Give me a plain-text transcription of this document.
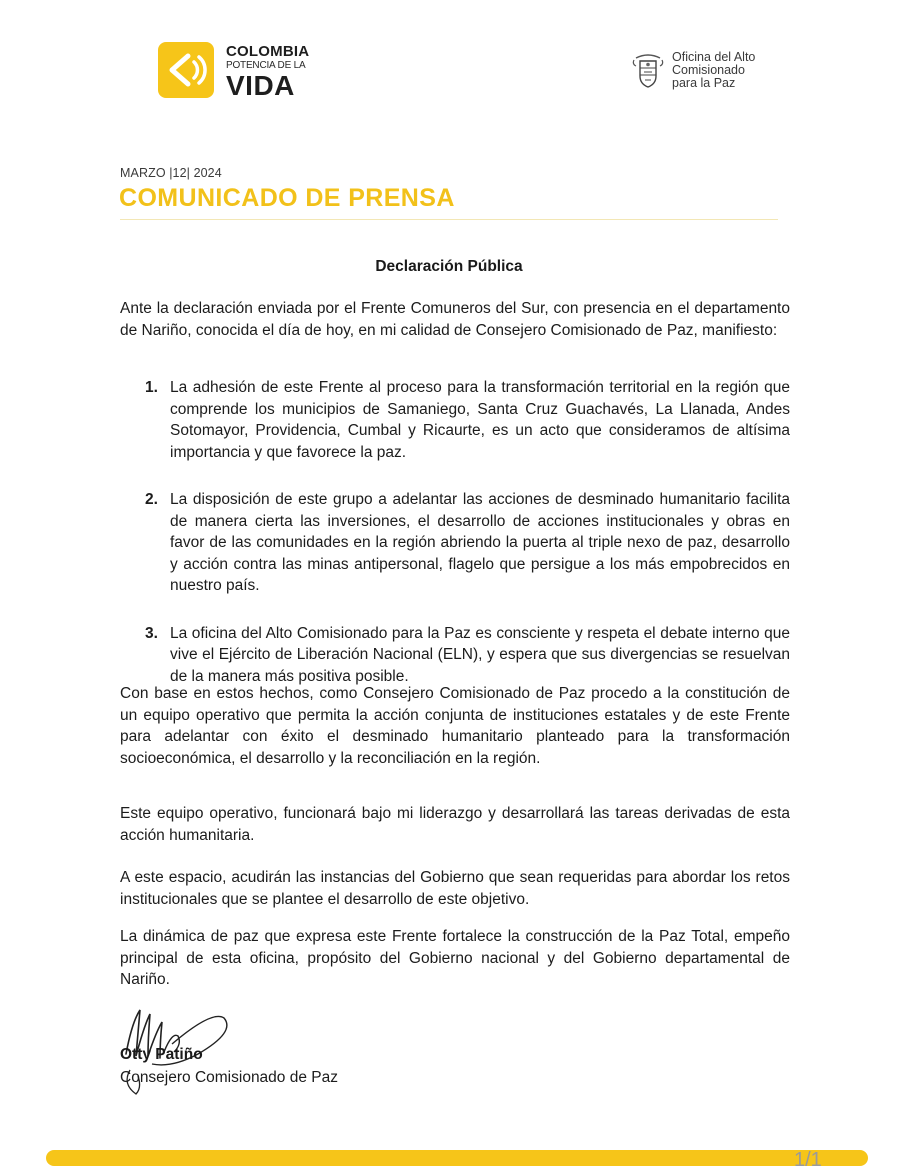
COLOMBIA
POTENCIA DE LA
VIDA
Oficina del Alto
Comisionado
para la Paz
MARZO |12| 2024
COMUNICADO DE PRENSA
Declaración Pública
Ante la declaración enviada por el Frente Comuneros del Sur, con presencia en el departamento de Nariño, conocida el día de hoy, en mi calidad de Consejero Comisionado de Paz, manifiesto:
1. La adhesión de este Frente al proceso para la transformación territorial en la región que comprende los municipios de Samaniego, Santa Cruz Guachavés, La Llanada, Andes Sotomayor, Providencia, Cumbal y Ricaurte, es un acto que consideramos de altísima importancia y que favorece la paz.
2. La disposición de este grupo a adelantar las acciones de desminado humanitario facilita de manera cierta las inversiones, el desarrollo de acciones institucionales y obras en favor de las comunidades en la región abriendo la puerta al triple nexo de paz, desarrollo y acción contra las minas antipersonal, flagelo que persigue a los más empobrecidos en nuestro país.
3. La oficina del Alto Comisionado para la Paz es consciente y respeta el debate interno que vive el Ejército de Liberación Nacional (ELN), y espera que sus divergencias se resuelvan de la manera más positiva posible.
Con base en estos hechos, como Consejero Comisionado de Paz procedo a la constitución de un equipo operativo que permita la acción conjunta de instituciones estatales y de este Frente para adelantar con éxito el desminado humanitario planteado para la transformación socioeconómica, el desarrollo y la reconciliación en la región.
Este equipo operativo, funcionará bajo mi liderazgo y desarrollará las tareas derivadas de esta acción humanitaria.
A este espacio, acudirán las instancias del Gobierno que sean requeridas para abordar los retos institucionales que se plantee el desarrollo de este objetivo.
La dinámica de paz que expresa este Frente fortalece la construcción de la Paz Total, empeño principal de esta oficina, propósito del Gobierno nacional y del Gobierno departamental de Nariño.
Otty Patiño
Consejero Comisionado de Paz
1/1
